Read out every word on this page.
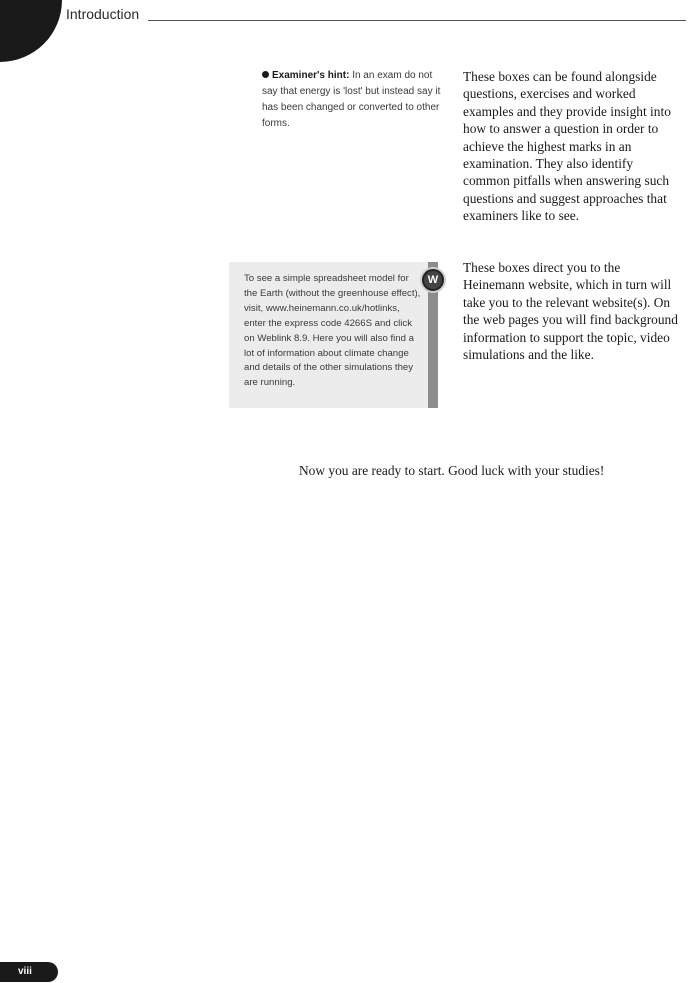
Introduction
Examiner's hint: In an exam do not say that energy is 'lost' but instead say it has been changed or converted to other forms.
These boxes can be found alongside questions, exercises and worked examples and they provide insight into how to answer a question in order to achieve the highest marks in an examination. They also identify common pitfalls when answering such questions and suggest approaches that examiners like to see.
To see a simple spreadsheet model for the Earth (without the greenhouse effect), visit, www.heinemann.co.uk/hotlinks, enter the express code 4266S and click on Weblink 8.9. Here you will also find a lot of information about climate change and details of the other simulations they are running.
W
These boxes direct you to the Heinemann website, which in turn will take you to the relevant website(s). On the web pages you will find background information to support the topic, video simulations and the like.
Now you are ready to start. Good luck with your studies!
viii
